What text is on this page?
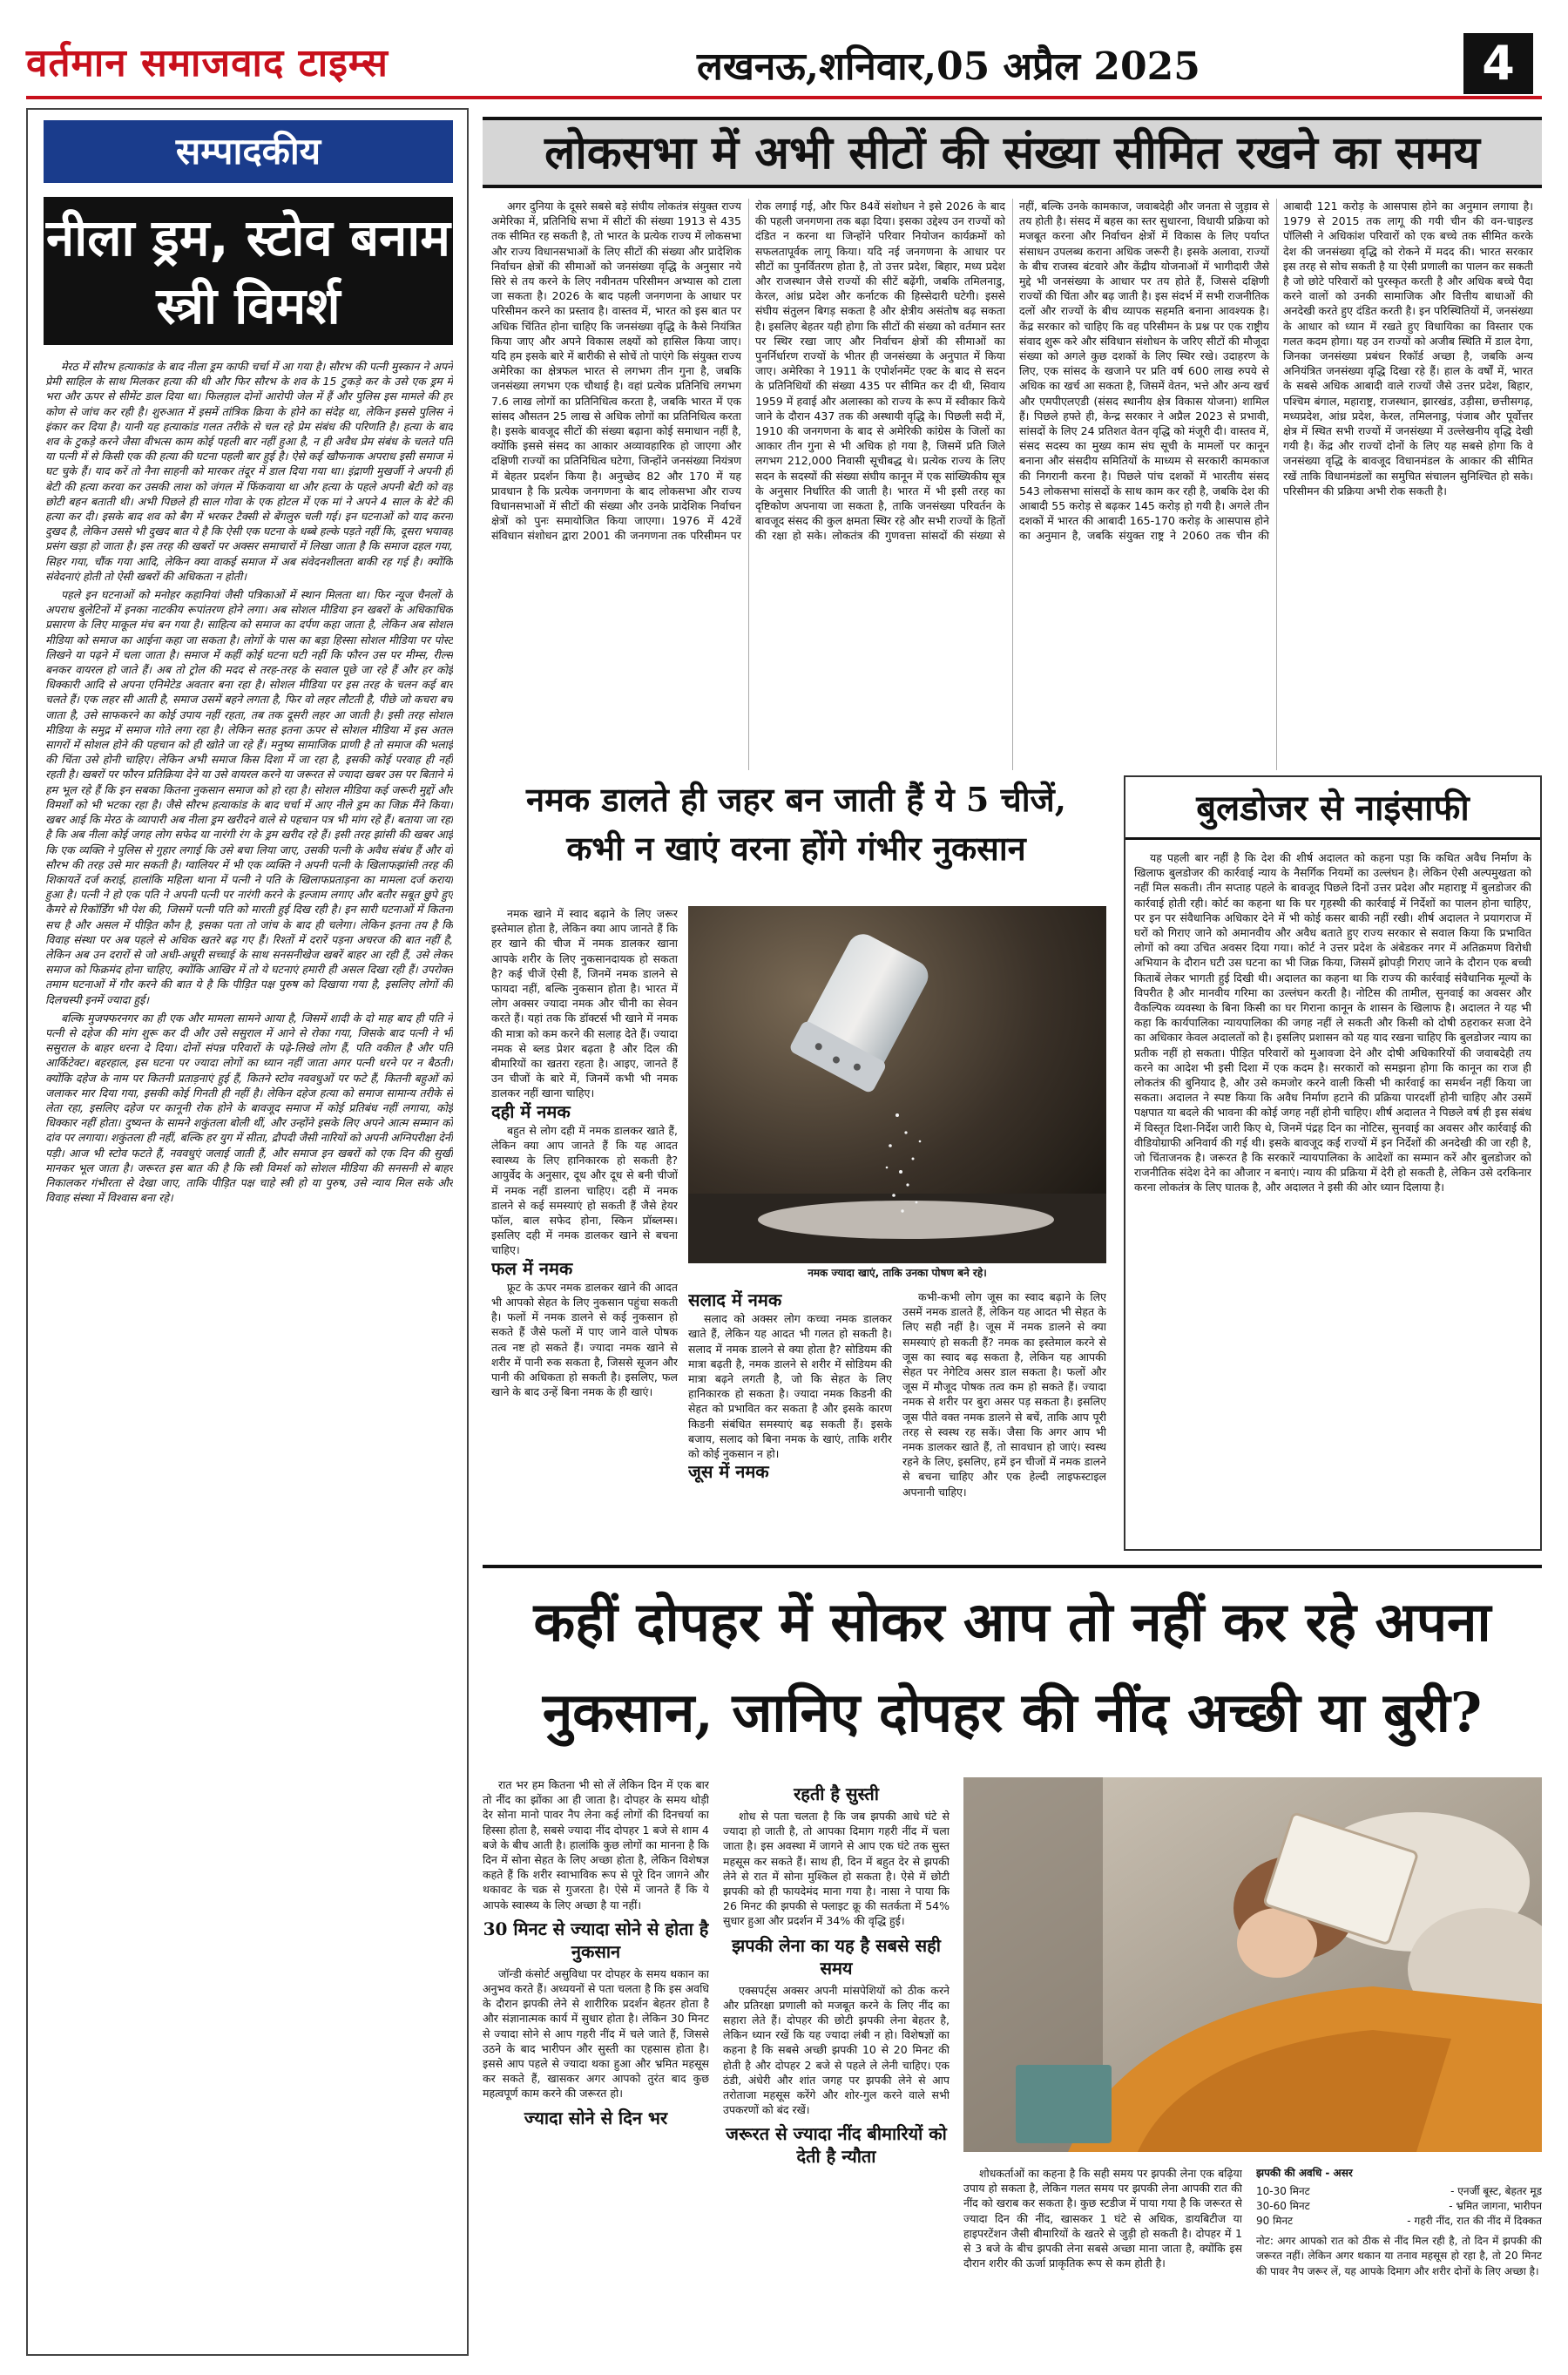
वर्तमान समाजवाद टाइम्स	लखनऊ,शनिवार,05 अप्रैल 2025	4
सम्पादकीय
नीला ड्रम, स्टोव बनाम
स्त्री विमर्श

मेरठ में सौरभ हत्याकांड के बाद नीला ड्रम काफी चर्चा में आ गया है। सौरभ की पत्नी मुस्कान ने अपने प्रेमी साहिल के साथ मिलकर हत्या की थी और फिर सौरभ के शव के 15 टुकड़े कर के उसे एक ड्रम में भरा और ऊपर से सीमेंट डाल दिया था। फिलहाल दोनों आरोपी जेल में हैं और पुलिस इस मामले की हर कोण से जांच कर रही है। शुरुआत में इसमें तांत्रिक क्रिया के होने का संदेह था, लेकिन इससे पुलिस ने इंकार कर दिया है। यानी यह हत्याकांड गलत तरीके से चल रहे प्रेम संबंध की परिणति है। हत्या के बाद शव के टुकड़े करने जैसा वीभत्स काम कोई पहली बार नहीं हुआ है, न ही अवैध प्रेम संबंध के चलते पति या पत्नी में से किसी एक की हत्या की घटना पहली बार हुई है। ऐसे कई खौफनाक अपराध इसी समाज में घट चुके हैं। याद करें तो नैना साहनी को मारकर तंदूर में डाल दिया गया था। इंद्राणी मुखर्जी ने अपनी ही बेटी की हत्या करवा कर उसकी लाश को जंगल में फिंकवाया था और हत्या के पहले अपनी बेटी को वह छोटी बहन बताती थी। अभी पिछले ही साल गोवा के एक होटल में एक मां ने अपने 4 साल के बेटे की हत्या कर दी। इसके बाद शव को बैग में भरकर टैक्सी से बेंगलुरु चली गई। इन घटनाओं को याद करना दुखद है, लेकिन उससे भी दुखद बात ये है कि ऐसी एक घटना के धब्बे हल्के पड़ते नहीं कि, दूसरा भयावह प्रसंग खड़ा हो जाता है। इस तरह की खबरों पर अक्सर समाचारों में लिखा जाता है कि समाज दहल गया, सिहर गया, चौंक गया आदि, लेकिन क्या वाकई समाज में अब संवेदनशीलता बाकी रह गई है। क्योंकि संवेदनाएं होती तो ऐसी खबरों की अधिकता न होती।

पहले इन घटनाओं को मनोहर कहानियां जैसी पत्रिकाओं में स्थान मिलता था। फिर न्यूज चैनलों के अपराध बुलेटिनों में इनका नाटकीय रूपांतरण होने लगा। अब सोशल मीडिया इन खबरों के अधिकाधिक प्रसारण के लिए माकूल मंच बन गया है। साहित्य को समाज का दर्पण कहा जाता है, लेकिन अब सोशल मीडिया को समाज का आईना कहा जा सकता है। लोगों के पास का बड़ा हिस्सा सोशल मीडिया पर पोस्ट लिखने या पढ़ने में चला जाता है। समाज में कहीं कोई घटना घटी नहीं कि फौरन उस पर मीम्स, रील्स बनकर वायरल हो जाते हैं। अब तो ट्रोल की मदद से तरह-तरह के सवाल पूछे जा रहे हैं और हर कोई धिक्कारी आदि से अपना एनिमेटेड अवतार बना रहा है। सोशल मीडिया पर इस तरह के चलन कई बार चलते हैं। एक लहर सी आती है, समाज उसमें बहने लगता है, फिर वो लहर लौटती है, पीछे जो कचरा बच जाता है, उसे साफकरने का कोई उपाय नहीं रहता, तब तक दूसरी लहर आ जाती है। इसी तरह सोशल मीडिया के समुद्र में समाज गोते लगा रहा है। लेकिन सतह इतना ऊपर से सोशल मीडिया में इस अतल सागरों में सोशल होने की पहचान को ही खोते जा रहे हैं। मनुष्य सामाजिक प्राणी है तो समाज की भलाई की चिंता उसे होनी चाहिए। लेकिन अभी समाज किस दिशा में जा रहा है, इसकी कोई परवाह ही नहीं रहती है। खबरों पर फौरन प्रतिक्रिया देने या उसे वायरल करने या जरूरत से ज्यादा खबर उस पर बिताने में हम भूल रहे हैं कि इन सबका कितना नुकसान समाज को हो रहा है। सोशल मीडिया कई जरूरी मुद्दों और विमर्शों को भी भटका रहा है। जैसे सौरभ हत्याकांड के बाद चर्चा में आए नीले ड्रम का जिक्र मैंने किया। खबर आई कि मेरठ के व्यापारी अब नीला ड्रम खरीदने वाले से पहचान पत्र भी मांग रहे हैं। बताया जा रहा है कि अब नीला कोई जगह लोग सफेद या नारंगी रंग के ड्रम खरीद रहे हैं। इसी तरह झांसी की खबर आई कि एक व्यक्ति ने पुलिस से गुहार लगाई कि उसे बचा लिया जाए, उसकी पत्नी के अवैध संबंध हैं और वो सौरभ की तरह उसे मार सकती है। ग्वालियर में भी एक व्यक्ति ने अपनी पत्नी के खिलाफझांसी तरह की शिकायतें दर्ज कराई, हालांकि महिला थाना में पत्नी ने पति के खिलाफप्रताड़ना का मामला दर्ज कराया हुआ है। पत्नी ने हो एक पति ने अपनी पत्नी पर नारंगी करने के इल्जाम लगाए और बतौर सबूत छुपे हुए कैमरे से रिकॉर्डिंग भी पेश की, जिसमें पत्नी पति को मारती हुई दिख रही है। इन सारी घटनाओं में कितना सच है और असल में पीड़ित कौन है, इसका पता तो जांच के बाद ही चलेगा। लेकिन इतना तय है कि विवाह संस्था पर अब पहले से अधिक खतरे बढ़ गए हैं। रिश्तों में दरारें पड़ना अचरज की बात नहीं है, लेकिन अब उन दरारों से जो अधी-अधूरी सच्चाई के साथ सनसनीखेज खबरें बाहर आ रही हैं, उसे लेकर समाज को फिक्रमंद होना चाहिए, क्योंकि आखिर में तो ये घटनाएं हमारी ही असल दिखा रही हैं। उपरोक्त तमाम घटनाओं में गौर करने की बात ये है कि पीड़ित पक्ष पुरुष को दिखाया गया है, इसलिए लोगों की दिलचस्पी इनमें ज्यादा हुई।

बल्कि मुजफ्फरनगर का ही एक और मामला सामने आया है, जिसमें शादी के दो माह बाद ही पति ने पत्नी से दहेज की मांग शुरू कर दी और उसे ससुराल में आने से रोका गया, जिसके बाद पत्नी ने भी ससुराल के बाहर धरना दे दिया। दोनों संपन्न परिवारों के पढ़े-लिखे लोग हैं, पति वकील है और पति आर्किटेक्ट। बहरहाल, इस घटना पर ज्यादा लोगों का ध्यान नहीं जाता अगर पत्नी धरने पर न बैठती। क्योंकि दहेज के नाम पर कितनी प्रताड़नाएं हुई हैं, कितने स्टोव नववधुओं पर फटे हैं, कितनी बहुओं को जलाकर मार दिया गया, इसकी कोई गिनती ही नहीं है। लेकिन दहेज हत्या को समाज सामान्य तरीके से लेता रहा, इसलिए दहेज पर कानूनी रोक होने के बावजूद समाज में कोई प्रतिबंध नहीं लगाया, कोई धिक्कार नहीं होता। दुष्यन्त के सामने शकुंतला बोली थीं, और उन्होंने इसके लिए अपने आत्म सम्मान को दांव पर लगाया। शकुंतला ही नहीं, बल्कि हर युग में सीता, द्रौपदी जैसी नारियों को अपनी अग्निपरीक्षा देनी पड़ी। आज भी स्टोव फटते हैं, नववधुएं जलाई जाती हैं, और समाज इन खबरों को एक दिन की सुर्खी मानकर भूल जाता है। जरूरत इस बात की है कि स्त्री विमर्श को सोशल मीडिया की सनसनी से बाहर निकालकर गंभीरता से देखा जाए, ताकि पीड़ित पक्ष चाहे स्त्री हो या पुरुष, उसे न्याय मिल सके और विवाह संस्था में विश्वास बना रहे।

लोकसभा में अभी सीटों की संख्या सीमित रखने का समय

अगर दुनिया के दूसरे सबसे बड़े संघीय लोकतंत्र संयुक्त राज्य अमेरिका में, प्रतिनिधि सभा में सीटों की संख्या 1913 से 435 तक सीमित रह सकती है, तो भारत के प्रत्येक राज्य में लोकसभा और राज्य विधानसभाओं के लिए सीटों की संख्या और प्रादेशिक निर्वाचन क्षेत्रों की सीमाओं को जनसंख्या वृद्धि के अनुसार नये सिरे से तय करने के लिए नवीनतम परिसीमन अभ्यास को टाला जा सकता है। 2026 के बाद पहली जनगणना के आधार पर परिसीमन करने का प्रस्ताव है। वास्तव में, भारत को इस बात पर अधिक चिंतित होना चाहिए कि जनसंख्या वृद्धि के कैसे नियंत्रित किया जाए और अपने विकास लक्ष्यों को हासिल किया जाए। यदि हम इसके बारे में बारीकी से सोचें तो पाएंगे कि संयुक्त राज्य अमेरिका का क्षेत्रफल भारत से लगभग तीन गुना है, जबकि जनसंख्या लगभग एक चौथाई है। वहां प्रत्येक प्रतिनिधि लगभग 7.6 लाख लोगों का प्रतिनिधित्व करता है, जबकि भारत में एक सांसद औसतन 25 लाख से अधिक लोगों का प्रतिनिधित्व करता है। इसके बावजूद सीटों की संख्या बढ़ाना कोई समाधान नहीं है, क्योंकि इससे संसद का आकार अव्यावहारिक हो जाएगा और दक्षिणी राज्यों का प्रतिनिधित्व घटेगा, जिन्होंने जनसंख्या नियंत्रण में बेहतर प्रदर्शन किया है। अनुच्छेद 82 और 170 में यह प्रावधान है कि प्रत्येक जनगणना के बाद लोकसभा और राज्य विधानसभाओं में सीटों की संख्या और उनके प्रादेशिक निर्वाचन क्षेत्रों को पुनः समायोजित किया जाएगा। 1976 में 42वें संविधान संशोधन द्वारा 2001 की जनगणना तक परिसीमन पर रोक लगाई गई, और फिर 84वें संशोधन ने इसे 2026 के बाद की पहली जनगणना तक बढ़ा दिया। इसका उद्देश्य उन राज्यों को दंडित न करना था जिन्होंने परिवार नियोजन कार्यक्रमों को सफलतापूर्वक लागू किया। यदि नई जनगणना के आधार पर सीटों का पुनर्वितरण होता है, तो उत्तर प्रदेश, बिहार, मध्य प्रदेश और राजस्थान जैसे राज्यों की सीटें बढ़ेंगी, जबकि तमिलनाडु, केरल, आंध्र प्रदेश और कर्नाटक की हिस्सेदारी घटेगी। इससे संघीय संतुलन बिगड़ सकता है और क्षेत्रीय असंतोष बढ़ सकता है। इसलिए बेहतर यही होगा कि सीटों की संख्या को वर्तमान स्तर पर स्थिर रखा जाए और निर्वाचन क्षेत्रों की सीमाओं का पुनर्निर्धारण राज्यों के भीतर ही जनसंख्या के अनुपात में किया जाए। अमेरिका ने 1911 के एपोर्शनमेंट एक्ट के बाद से सदन के प्रतिनिधियों की संख्या 435 पर सीमित कर दी थी, सिवाय 1959 में हवाई और अलास्का को राज्य के रूप में स्वीकार किये जाने के दौरान 437 तक की अस्थायी वृद्धि के। पिछली सदी में, 1910 की जनगणना के बाद से अमेरिकी कांग्रेस के जिलों का आकार तीन गुना से भी अधिक हो गया है, जिसमें प्रति जिले लगभग 212,000 निवासी सूचीबद्ध थे। प्रत्येक राज्य के लिए सदन के सदस्यों की संख्या संघीय कानून में एक सांख्यिकीय सूत्र के अनुसार निर्धारित की जाती है। भारत में भी इसी तरह का दृष्टिकोण अपनाया जा सकता है, ताकि जनसंख्या परिवर्तन के बावजूद संसद की कुल क्षमता स्थिर रहे और सभी राज्यों के हितों की रक्षा हो सके। लोकतंत्र की गुणवत्ता सांसदों की संख्या से नहीं, बल्कि उनके कामकाज, जवाबदेही और जनता से जुड़ाव से तय होती है। संसद में बहस का स्तर सुधारना, विधायी प्रक्रिया को मजबूत करना और निर्वाचन क्षेत्रों में विकास के लिए पर्याप्त संसाधन उपलब्ध कराना अधिक जरूरी है। इसके अलावा, राज्यों के बीच राजस्व बंटवारे और केंद्रीय योजनाओं में भागीदारी जैसे मुद्दे भी जनसंख्या के आधार पर तय होते हैं, जिससे दक्षिणी राज्यों की चिंता और बढ़ जाती है। इस संदर्भ में सभी राजनीतिक दलों और राज्यों के बीच व्यापक सहमति बनाना आवश्यक है। केंद्र सरकार को चाहिए कि वह परिसीमन के प्रश्न पर एक राष्ट्रीय संवाद शुरू करे और संविधान संशोधन के जरिए सीटों की मौजूदा संख्या को अगले कुछ दशकों के लिए स्थिर रखे। उदाहरण के लिए, एक सांसद के खजाने पर प्रति वर्ष 600 लाख रुपये से अधिक का खर्च आ सकता है, जिसमें वेतन, भत्ते और अन्य खर्च और एमपीएलएडी (संसद स्थानीय क्षेत्र विकास योजना) शामिल हैं। पिछले हफ्ते ही, केन्द्र सरकार ने अप्रैल 2023 से प्रभावी, सांसदों के लिए 24 प्रतिशत वेतन वृद्धि को मंजूरी दी। वास्तव में, संसद सदस्य का मुख्य काम संघ सूची के मामलों पर कानून बनाना और संसदीय समितियों के माध्यम से सरकारी कामकाज की निगरानी करना है। पिछले पांच दशकों में भारतीय संसद 543 लोकसभा सांसदों के साथ काम कर रही है, जबकि देश की आबादी 55 करोड़ से बढ़कर 145 करोड़ हो गयी है। अगले तीन दशकों में भारत की आबादी 165-170 करोड़ के आसपास होने का अनुमान है, जबकि संयुक्त राष्ट्र ने 2060 तक चीन की आबादी 121 करोड़ के आसपास होने का अनुमान लगाया है। 1979 से 2015 तक लागू की गयी चीन की वन-चाइल्ड पॉलिसी ने अधिकांश परिवारों को एक बच्चे तक सीमित करके देश की जनसंख्या वृद्धि को रोकने में मदद की। भारत सरकार इस तरह से सोच सकती है या ऐसी प्रणाली का पालन कर सकती है जो छोटे परिवारों को पुरस्कृत करती है और अधिक बच्चे पैदा करने वालों को उनकी सामाजिक और वित्तीय बाधाओं की अनदेखी करते हुए दंडित करती है। इन परिस्थितियों में, जनसंख्या के आधार को ध्यान में रखते हुए विधायिका का विस्तार एक गलत कदम होगा। यह उन राज्यों को अजीब स्थिति में डाल देगा, जिनका जनसंख्या प्रबंधन रिकॉर्ड अच्छा है, जबकि अन्य अनियंत्रित जनसंख्या वृद्धि दिखा रहे हैं। हाल के वर्षों में, भारत के सबसे अधिक आबादी वाले राज्यों जैसे उत्तर प्रदेश, बिहार, पश्चिम बंगाल, महाराष्ट्र, राजस्थान, झारखंड, उड़ीसा, छत्तीसगढ़, मध्यप्रदेश, आंध्र प्रदेश, केरल, तमिलनाडु, पंजाब और पूर्वोत्तर क्षेत्र में स्थित सभी राज्यों में जनसंख्या में उल्लेखनीय वृद्धि देखी गयी है। केंद्र और राज्यों दोनों के लिए यह सबसे होगा कि वे जनसंख्या वृद्धि के बावजूद विधानमंडल के आकार की सीमित रखें ताकि विधानमंडलों का समुचित संचालन सुनिश्चित हो सके। परिसीमन की प्रक्रिया अभी रोक सकती है।

नमक डालते ही जहर बन जाती हैं ये 5 चीजें,
कभी न खाएं वरना होंगे गंभीर नुकसान

नमक खाने में स्वाद बढ़ाने के लिए जरूर इस्तेमाल होता है, लेकिन क्या आप जानते हैं कि हर खाने की चीज में नमक डालकर खाना आपके शरीर के लिए नुकसानदायक हो सकता है? कई चीजें ऐसी हैं, जिनमें नमक डालने से फायदा नहीं, बल्कि नुकसान होता है। भारत में लोग अक्सर ज्यादा नमक और चीनी का सेवन करते हैं। यहां तक कि डॉक्टर्स भी खाने में नमक की मात्रा को कम करने की सलाह देते हैं। ज्यादा नमक से ब्लड प्रेशर बढ़ता है और दिल की बीमारियों का खतरा रहता है। आइए, जानते हैं उन चीजों के बारे में, जिनमें कभी भी नमक डालकर नहीं खाना चाहिए।

दही में नमक

बहुत से लोग दही में नमक डालकर खाते हैं, लेकिन क्या आप जानते हैं कि यह आदत स्वास्थ्य के लिए हानिकारक हो सकती है? आयुर्वेद के अनुसार, दूध और दूध से बनी चीजों में नमक नहीं डालना चाहिए। दही में नमक डालने से कई समस्याएं हो सकती हैं जैसे हेयर फॉल, बाल सफेद होना, स्किन प्रॉब्लम्स। इसलिए दही में नमक डालकर खाने से बचना चाहिए।

फल में नमक

फ्रूट के ऊपर नमक डालकर खाने की आदत भी आपको सेहत के लिए नुकसान पहुंचा सकती है। फलों में नमक डालने से कई नुकसान हो सकते हैं जैसे फलों में पाए जाने वाले पोषक तत्व नष्ट हो सकते हैं। ज्यादा नमक खाने से शरीर में पानी रुक सकता है, जिससे सूजन और पानी की अधिकता हो सकती है। इसलिए, फल खाने के बाद उन्हें बिना नमक के ही खाएं।

नमक ज्यादा खाएं, ताकि उनका पोषण बने रहे।

सलाद में नमक

सलाद को अक्सर लोग कच्चा नमक डालकर खाते हैं, लेकिन यह आदत भी गलत हो सकती है। सलाद में नमक डालने से क्या होता है? सोडियम की मात्रा बढ़ती है, नमक डालने से शरीर में सोडियम की मात्रा बढ़ने लगती है, जो कि सेहत के लिए हानिकारक हो सकता है। ज्यादा नमक किडनी की सेहत को प्रभावित कर सकता है और इसके कारण किडनी संबंधित समस्याएं बढ़ सकती हैं। इसके बजाय, सलाद को बिना नमक के खाएं, ताकि शरीर को कोई नुकसान न हो।

जूस में नमक

कभी-कभी लोग जूस का स्वाद बढ़ाने के लिए उसमें नमक डालते हैं, लेकिन यह आदत भी सेहत के लिए सही नहीं है। जूस में नमक डालने से क्या समस्याएं हो सकती हैं? नमक का इस्तेमाल करने से जूस का स्वाद बढ़ सकता है, लेकिन यह आपकी सेहत पर नेगेटिव असर डाल सकता है। फलों और जूस में मौजूद पोषक तत्व कम हो सकते हैं। ज्यादा नमक से शरीर पर बुरा असर पड़ सकता है। इसलिए जूस पीते वक्त नमक डालने से बचें, ताकि आप पूरी तरह से स्वस्थ रह सकें। जैसा कि अगर आप भी नमक डालकर खाते हैं, तो सावधान हो जाएं। स्वस्थ रहने के लिए, इसलिए, हमें इन चीजों में नमक डालने से बचना चाहिए और एक हेल्दी लाइफस्टाइल अपनानी चाहिए।

बुलडोजर से नाइंसाफी

यह पहली बार नहीं है कि देश की शीर्ष अदालत को कहना पड़ा कि कथित अवैध निर्माण के खिलाफ बुलडोजर की कार्रवाई न्याय के नैसर्गिक नियमों का उल्लंघन है। लेकिन ऐसी अल्पमुखता को नहीं मिल सकती। तीन सप्ताह पहले के बावजूद पिछले दिनों उत्तर प्रदेश और महाराष्ट्र में बुलडोजर की कार्रवाई होती रही। कोर्ट का कहना था कि घर गृहस्थी की कार्रवाई में निर्देशों का पालन होना चाहिए, पर इन पर संवैधानिक अधिकार देने में भी कोई कसर बाकी नहीं रखी। शीर्ष अदालत ने प्रयागराज में घरों को गिराए जाने को अमानवीय और अवैध बताते हुए राज्य सरकार से सवाल किया कि प्रभावित लोगों को क्या उचित अवसर दिया गया। कोर्ट ने उत्तर प्रदेश के अंबेडकर नगर में अतिक्रमण विरोधी अभियान के दौरान घटी उस घटना का भी जिक्र किया, जिसमें झोपड़ी गिराए जाने के दौरान एक बच्ची किताबें लेकर भागती हुई दिखी थी। अदालत का कहना था कि राज्य की कार्रवाई संवैधानिक मूल्यों के विपरीत है और मानवीय गरिमा का उल्लंघन करती है। नोटिस की तामील, सुनवाई का अवसर और वैकल्पिक व्यवस्था के बिना किसी का घर गिराना कानून के शासन के खिलाफ है। अदालत ने यह भी कहा कि कार्यपालिका न्यायपालिका की जगह नहीं ले सकती और किसी को दोषी ठहराकर सजा देने का अधिकार केवल अदालतों को है। इसलिए प्रशासन को यह याद रखना चाहिए कि बुलडोजर न्याय का प्रतीक नहीं हो सकता। पीड़ित परिवारों को मुआवजा देने और दोषी अधिकारियों की जवाबदेही तय करने का आदेश भी इसी दिशा में एक कदम है। सरकारों को समझना होगा कि कानून का राज ही लोकतंत्र की बुनियाद है, और उसे कमजोर करने वाली किसी भी कार्रवाई का समर्थन नहीं किया जा सकता। अदालत ने स्पष्ट किया कि अवैध निर्माण हटाने की प्रक्रिया पारदर्शी होनी चाहिए और उसमें पक्षपात या बदले की भावना की कोई जगह नहीं होनी चाहिए। शीर्ष अदालत ने पिछले वर्ष ही इस संबंध में विस्तृत दिशा-निर्देश जारी किए थे, जिनमें पंद्रह दिन का नोटिस, सुनवाई का अवसर और कार्रवाई की वीडियोग्राफी अनिवार्य की गई थी। इसके बावजूद कई राज्यों में इन निर्देशों की अनदेखी की जा रही है, जो चिंताजनक है। जरूरत है कि सरकारें न्यायपालिका के आदेशों का सम्मान करें और बुलडोजर को राजनीतिक संदेश देने का औजार न बनाएं। न्याय की प्रक्रिया में देरी हो सकती है, लेकिन उसे दरकिनार करना लोकतंत्र के लिए घातक है, और अदालत ने इसी की ओर ध्यान दिलाया है।

कहीं दोपहर में सोकर आप तो नहीं कर रहे अपना
नुकसान, जानिए दोपहर की नींद अच्छी या बुरी?

रात भर हम कितना भी सो लें लेकिन दिन में एक बार तो नींद का झोंका आ ही जाता है। दोपहर के समय थोड़ी देर सोना मानो पावर नैप लेना कई लोगों की दिनचर्या का हिस्सा होता है, सबसे ज्यादा नींद दोपहर 1 बजे से शाम 4 बजे के बीच आती है। हालांकि कुछ लोगों का मानना है कि दिन में सोना सेहत के लिए अच्छा होता है, लेकिन विशेषज्ञ कहते हैं कि शरीर स्वाभाविक रूप से पूरे दिन जागने और थकावट के चक्र से गुजरता है। ऐसे में जानते हैं कि ये आपके स्वास्थ्य के लिए अच्छा है या नहीं।

30 मिनट से ज्यादा सोने से होता है नुकसान

जॉन्डी कंसोर्ट असुविधा पर दोपहर के समय थकान का अनुभव करते हैं। अध्ययनों से पता चलता है कि इस अवधि के दौरान झपकी लेने से शारीरिक प्रदर्शन बेहतर होता है और संज्ञानात्मक कार्य में सुधार होता है। लेकिन 30 मिनट से ज्यादा सोने से आप गहरी नींद में चले जाते हैं, जिससे उठने के बाद भारीपन और सुस्ती का एहसास होता है। इससे आप पहले से ज्यादा थका हुआ और भ्रमित महसूस कर सकते हैं, खासकर अगर आपको तुरंत बाद कुछ महत्वपूर्ण काम करने की जरूरत हो।

ज्यादा सोने से दिन भर

रहती है सुस्ती

शोध से पता चलता है कि जब झपकी आधे घंटे से ज्यादा हो जाती है, तो आपका दिमाग गहरी नींद में चला जाता है। इस अवस्था में जागने से आप एक घंटे तक सुस्त महसूस कर सकते हैं। साथ ही, दिन में बहुत देर से झपकी लेने से रात में सोना मुश्किल हो सकता है। ऐसे में छोटी झपकी को ही फायदेमंद माना गया है। नासा ने पाया कि 26 मिनट की झपकी से फ्लाइट क्रू की सतर्कता में 54% सुधार हुआ और प्रदर्शन में 34% की वृद्धि हुई।

झपकी लेना का यह है सबसे सही समय

एक्सपर्ट्स अक्सर अपनी मांसपेशियों को ठीक करने और प्रतिरक्षा प्रणाली को मजबूत करने के लिए नींद का सहारा लेते हैं। दोपहर की छोटी झपकी लेना बेहतर है, लेकिन ध्यान रखें कि यह ज्यादा लंबी न हो। विशेषज्ञों का कहना है कि सबसे अच्छी झपकी 10 से 20 मिनट की होती है और दोपहर 2 बजे से पहले ले लेनी चाहिए। एक ठंडी, अंधेरी और शांत जगह पर झपकी लेने से आप तरोताजा महसूस करेंगे और शोर-गुल करने वाले सभी उपकरणों को बंद रखें।

जरूरत से ज्यादा नींद बीमारियों को देती है न्यौता

शोधकर्ताओं का कहना है कि सही समय पर झपकी लेना एक बढ़िया उपाय हो सकता है, लेकिन गलत समय पर झपकी लेना आपकी रात की नींद को खराब कर सकता है। कुछ स्टडीज में पाया गया है कि जरूरत से ज्यादा दिन की नींद, खासकर 1 घंटे से अधिक, डायबिटीज या हाइपरटेंशन जैसी बीमारियों के खतरे से जुड़ी हो सकती है। दोपहर में 1 से 3 बजे के बीच झपकी लेना सबसे अच्छा माना जाता है, क्योंकि इस दौरान शरीर की ऊर्जा प्राकृतिक रूप से कम होती है।

झपकी की अवधि - असर
10-30 मिनट	- एनर्जी बूस्ट, बेहतर मूड
30-60 मिनट	- भ्रमित जागना, भारीपन
90 मिनट	- गहरी नींद, रात की नींद में दिक्कत

नोट: अगर आपको रात को ठीक से नींद मिल रही है, तो दिन में झपकी की जरूरत नहीं। लेकिन अगर थकान या तनाव महसूस हो रहा है, तो 20 मिनट की पावर नैप जरूर लें, यह आपके दिमाग और शरीर दोनों के लिए अच्छा है।
